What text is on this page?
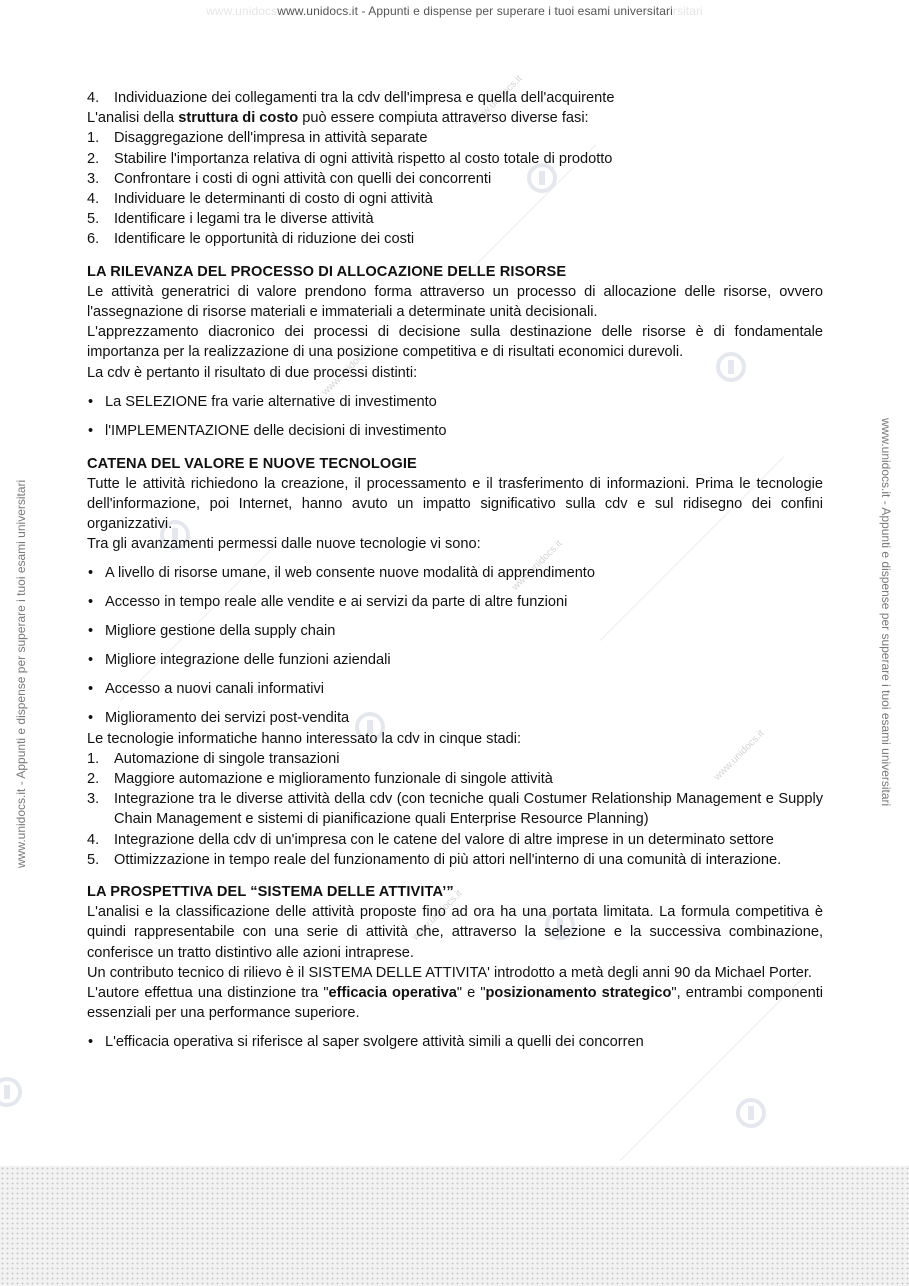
www.unidocswww.unidocs.it - Appunti e dispense per superare i tuoi esami universitarirsitari
www.unidocs.it - Appunti e dispense per superare i tuoi esami universitari	www.unidocs.it - Appunti e dispense per superare i tuoi esami universitari
www.unidocs.it
www.unidocs.it
www.unidocs.it
www.unidocs.it
www.unidocs.it
4. Individuazione dei collegamenti tra la cdv dell'impresa e quella dell'acquirente

L'analisi della struttura di costo può essere compiuta attraverso diverse fasi:

1. Disaggregazione dell'impresa in attività separate
2. Stabilire l'importanza relativa di ogni attività rispetto al costo totale di prodotto
3. Confrontare i costi di ogni attività con quelli dei concorrenti
4. Individuare le determinanti di costo di ogni attività
5. Identificare i legami tra le diverse attività
6. Identificare le opportunità di riduzione dei costi
LA RILEVANZA DEL PROCESSO DI ALLOCAZIONE DELLE RISORSE

Le attività generatrici di valore prendono forma attraverso un processo di allocazione delle risorse, ovvero l'assegnazione di risorse materiali e immateriali a determinate unità decisionali.

L'apprezzamento diacronico dei processi di decisione sulla destinazione delle risorse è di fondamentale importanza per la realizzazione di una posizione competitiva e di risultati economici durevoli.

La cdv è pertanto il risultato di due processi distinti:

• La SELEZIONE fra varie alternative di investimento
• l'IMPLEMENTAZIONE delle decisioni di investimento
CATENA DEL VALORE E NUOVE TECNOLOGIE

Tutte le attività richiedono la creazione, il processamento e il trasferimento di informazioni. Prima le tecnologie dell'informazione, poi Internet, hanno avuto un impatto significativo sulla cdv e sul ridisegno dei confini organizzativi.

Tra gli avanzamenti permessi dalle nuove tecnologie vi sono:

• A livello di risorse umane, il web consente nuove modalità di apprendimento
• Accesso in tempo reale alle vendite e ai servizi da parte di altre funzioni
• Migliore gestione della supply chain
• Migliore integrazione delle funzioni aziendali
• Accesso a nuovi canali informativi
• Miglioramento dei servizi post-vendita

Le tecnologie informatiche hanno interessato la cdv in cinque stadi:

1. Automazione di singole transazioni
2. Maggiore automazione e miglioramento funzionale di singole attività
3. Integrazione tra le diverse attività della cdv (con tecniche quali Costumer Relationship Management e Supply Chain Management e sistemi di pianificazione quali Enterprise Resource Planning)
4. Integrazione della cdv di un'impresa con le catene del valore di altre imprese in un determinato settore
5. Ottimizzazione in tempo reale del funzionamento di più attori nell'interno di una comunità di interazione.
LA PROSPETTIVA DEL “SISTEMA DELLE ATTIVITA’”

L'analisi e la classificazione delle attività proposte fino ad ora ha una portata limitata. La formula competitiva è quindi rappresentabile con una serie di attività che, attraverso la selezione e la successiva combinazione, conferisce un tratto distintivo alle azioni intraprese.

Un contributo tecnico di rilievo è il SISTEMA DELLE ATTIVITA' introdotto a metà degli anni 90 da Michael Porter.

L'autore effettua una distinzione tra "efficacia operativa" e "posizionamento strategico", entrambi componenti essenziali per una performance superiore.

• L'efficacia operativa si riferisce al saper svolgere attività simili a quelli dei concorren
